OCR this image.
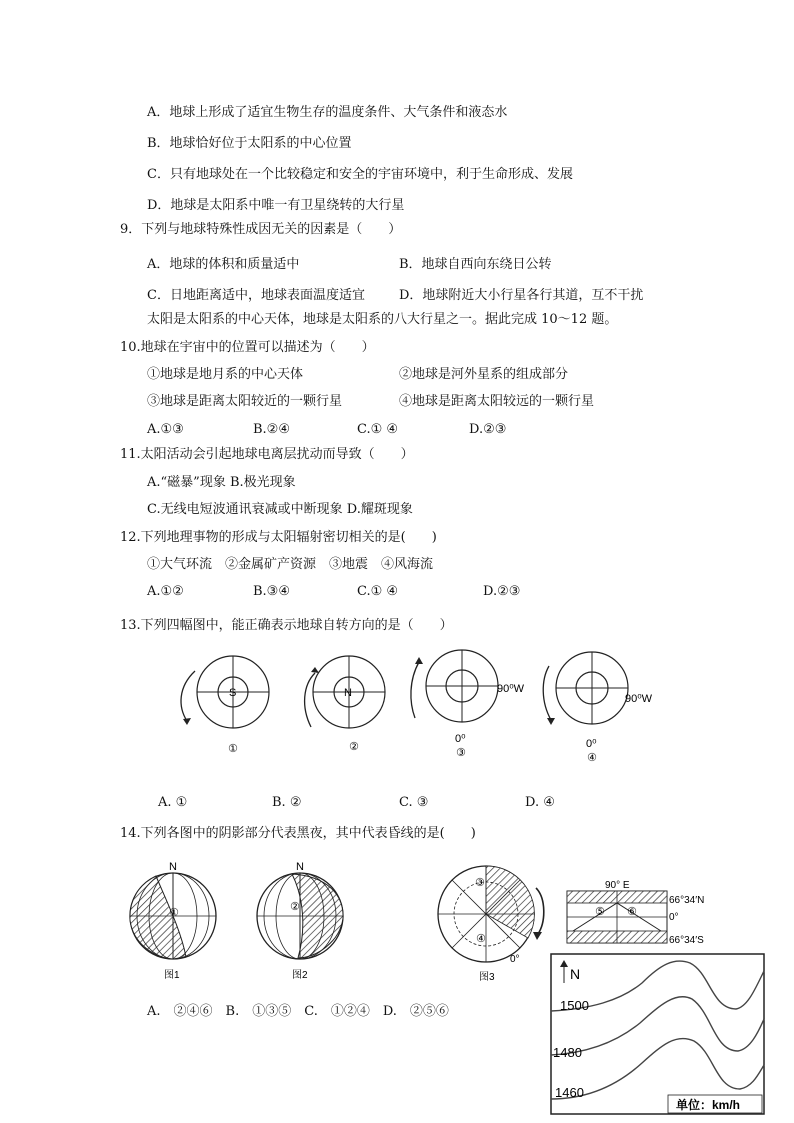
A．地球上形成了适宜生物生存的温度条件、大气条件和液态水
B．地球恰好位于太阳系的中心位置
C．只有地球处在一个比较稳定和安全的宇宙环境中，利于生命形成、发展
D．地球是太阳系中唯一有卫星绕转的大行星
9．下列与地球特殊性成因无关的因素是（　　）
A．地球的体积和质量适中	B．地球自西向东绕日公转
C．日地距离适中，地球表面温度适宜	D．地球附近大小行星各行其道，互不干扰
太阳是太阳系的中心天体，地球是太阳系的八大行星之一。据此完成 10～12 题。
10.地球在宇宙中的位置可以描述为（　　）
①地球是地月系的中心天体	②地球是河外星系的组成部分
③地球是距离太阳较近的一颗行星	④地球是距离太阳较远的一颗行星
A.①③	B.②④	C.① ④	D.②③
11.太阳活动会引起地球电离层扰动而导致（　　）
A.“磁暴”现象 B.极光现象
C.无线电短波通讯衰减或中断现象 D.耀斑现象
12.下列地理事物的形成与太阳辐射密切相关的是(　　)
①大气环流　②金属矿产资源　③地震　④风海流
A.①②	B.③④	C.① ④	D.②③
13.下列四幅图中，能正确表示地球自转方向的是（　　）
S
①
N
②
90⁰W
0⁰
③
90⁰W
0⁰
④
A. ①	B. ②	C. ③	D. ④
14.下列各图中的阴影部分代表黑夜，其中代表昏线的是(　　)
N
①
图1
N
②
图2
③
④
0°
图3
90° E
66°34′N
0°
66°34′S
⑤ ⑥
A.　②④⑥　B.　①③⑤　C.　①②④　D.　②⑤⑥
N
1500
1480
1460
单位：km/h
